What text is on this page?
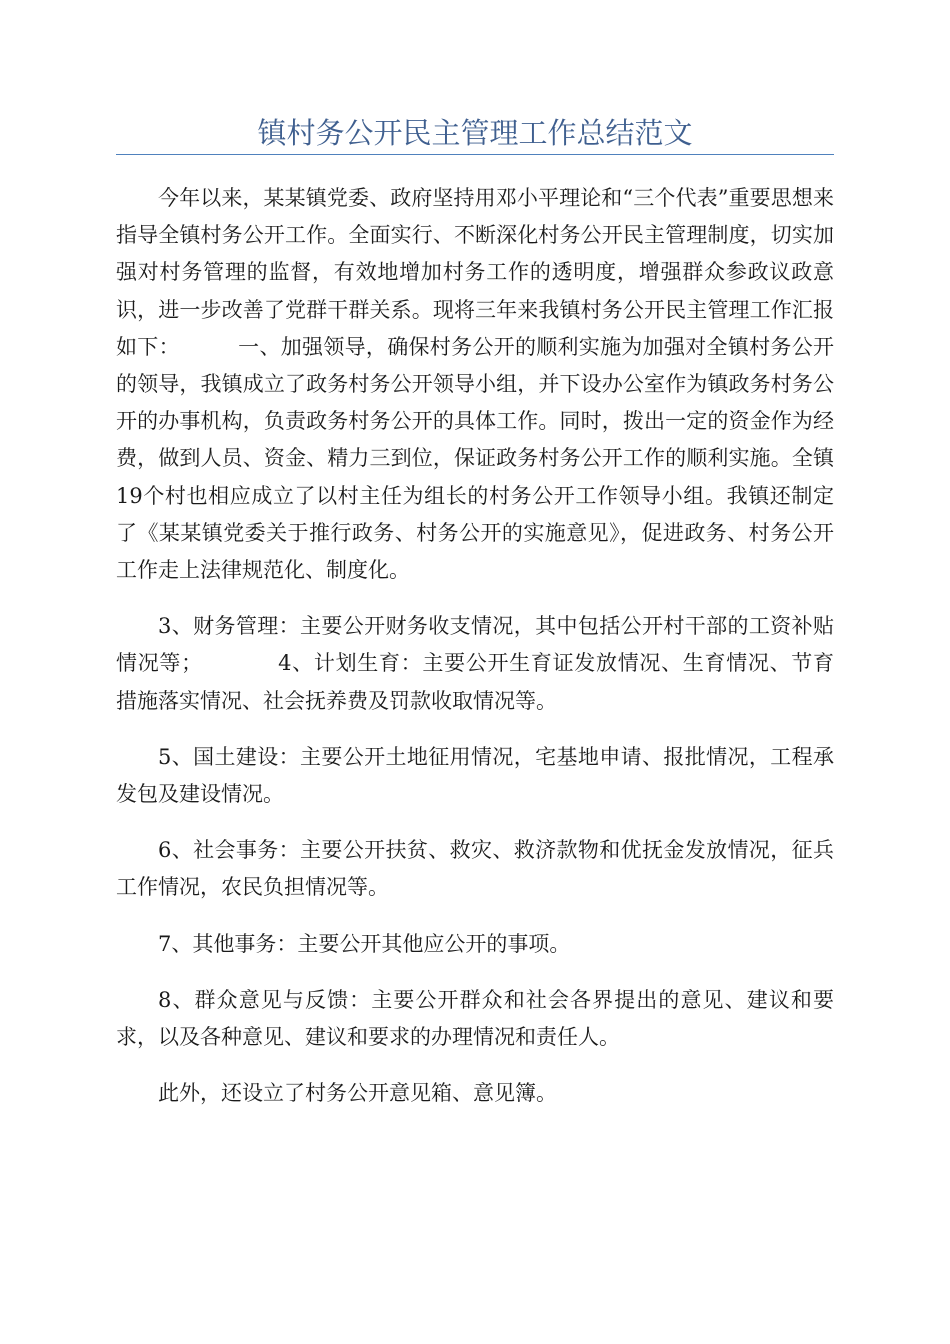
镇村务公开民主管理工作总结范文

今年以来，某某镇党委、政府坚持用邓小平理论和“三个代表”重要思想来指导全镇村务公开工作。全面实行、不断深化村务公开民主管理制度，切实加强对村务管理的监督，有效地增加村务工作的透明度，增强群众参政议政意识，进一步改善了党群干群关系。现将三年来我镇村务公开民主管理工作汇报如下：	一、加强领导，确保村务公开的顺利实施为加强对全镇村务公开的领导，我镇成立了政务村务公开领导小组，并下设办公室作为镇政务村务公开的办事机构，负责政务村务公开的具体工作。同时，拨出一定的资金作为经费，做到人员、资金、精力三到位，保证政务村务公开工作的顺利实施。全镇19个村也相应成立了以村主任为组长的村务公开工作领导小组。我镇还制定了《某某镇党委关于推行政务、村务公开的实施意见》，促进政务、村务公开工作走上法律规范化、制度化。

3、财务管理：主要公开财务收支情况，其中包括公开村干部的工资补贴情况等；	4、计划生育：主要公开生育证发放情况、生育情况、节育措施落实情况、社会抚养费及罚款收取情况等。

5、国土建设：主要公开土地征用情况，宅基地申请、报批情况，工程承发包及建设情况。

6、社会事务：主要公开扶贫、救灾、救济款物和优抚金发放情况，征兵工作情况，农民负担情况等。

7、其他事务：主要公开其他应公开的事项。

8、群众意见与反馈：主要公开群众和社会各界提出的意见、建议和要求，以及各种意见、建议和要求的办理情况和责任人。

此外，还设立了村务公开意见箱、意见簿。
